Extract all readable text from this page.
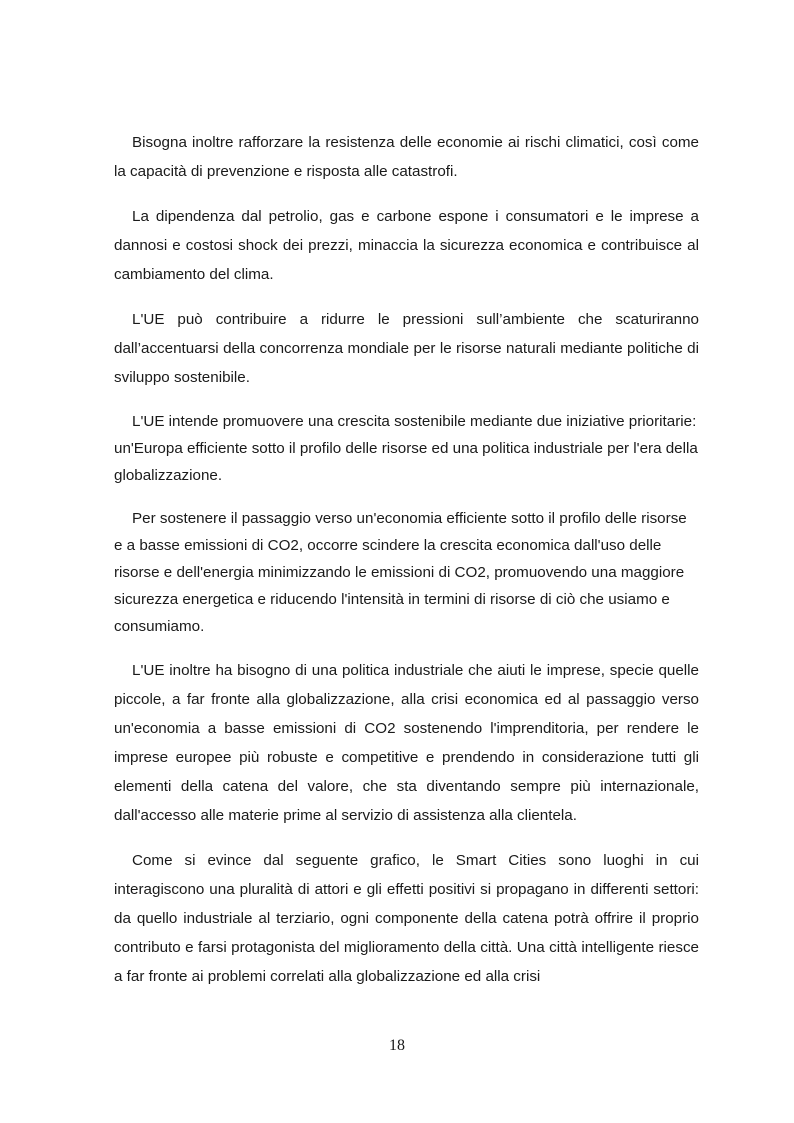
Bisogna inoltre rafforzare la resistenza delle economie ai rischi climatici, così come la capacità di prevenzione e risposta alle catastrofi.

La dipendenza dal petrolio, gas e carbone espone i consumatori e le imprese a dannosi e costosi shock dei prezzi, minaccia la sicurezza economica e contribuisce al cambiamento del clima.

L'UE può contribuire a ridurre le pressioni sull’ambiente che scaturiranno dall’accentuarsi della concorrenza mondiale per le risorse naturali mediante politiche di sviluppo sostenibile.

L'UE intende promuovere una crescita sostenibile mediante due iniziative prioritarie: un'Europa efficiente sotto il profilo delle risorse ed una politica industriale per l'era della globalizzazione.

Per sostenere il passaggio verso un'economia efficiente sotto il profilo delle risorse e a basse emissioni di CO2, occorre scindere la crescita economica dall'uso delle risorse e dell'energia minimizzando le emissioni di CO2, promuovendo una maggiore sicurezza energetica e riducendo l'intensità in termini di risorse di ciò che usiamo e consumiamo.

L'UE inoltre ha bisogno di una politica industriale che aiuti le imprese, specie quelle piccole, a far fronte alla globalizzazione, alla crisi economica ed al passaggio verso un'economia a basse emissioni di CO2 sostenendo l'imprenditoria, per rendere le imprese europee più robuste e competitive e prendendo in considerazione tutti gli elementi della catena del valore, che sta diventando sempre più internazionale, dall'accesso alle materie prime al servizio di assistenza alla clientela.

Come si evince dal seguente grafico, le Smart Cities sono luoghi in cui interagiscono una pluralità di attori e gli effetti positivi si propagano in differenti settori: da quello industriale al terziario, ogni componente della catena potrà offrire il proprio contributo e farsi protagonista del miglioramento della città. Una città intelligente riesce a far fronte ai problemi correlati alla globalizzazione ed alla crisi

18
